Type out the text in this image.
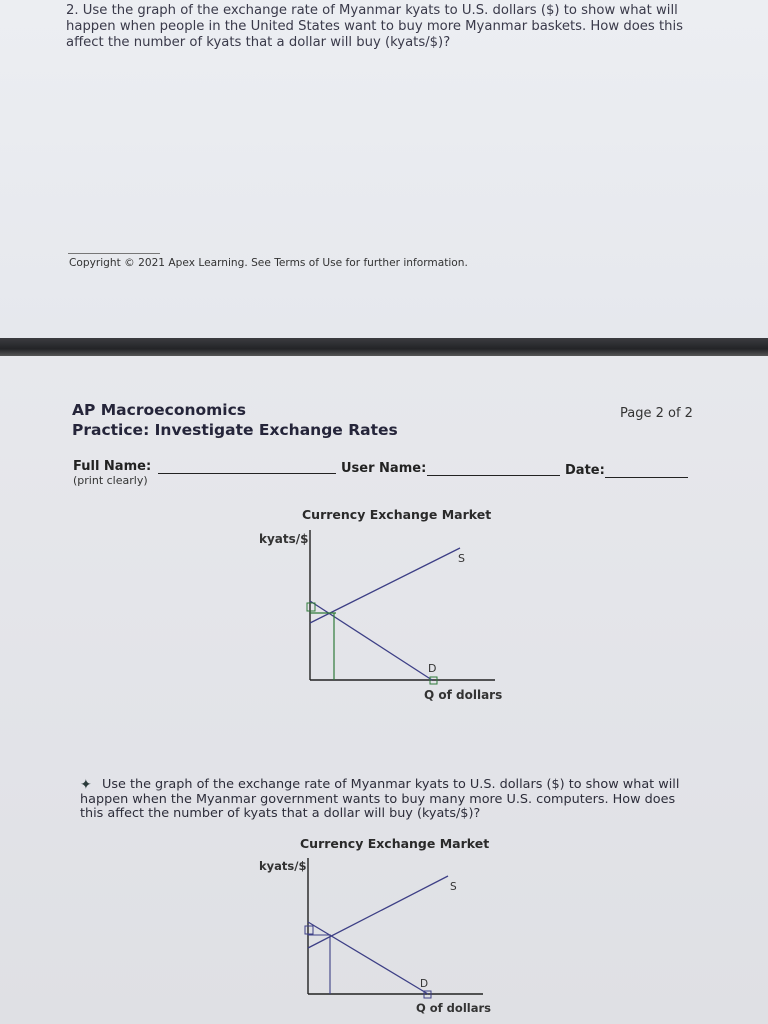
2. Use the graph of the exchange rate of Myanmar kyats to U.S. dollars ($) to show what will happen when people in the United States want to buy more Myanmar baskets. How does this affect the number of kyats that a dollar will buy (kyats/$)?
Copyright © 2021 Apex Learning. See Terms of Use for further information.
AP Macroeconomics
Practice: Investigate Exchange Rates
Page 2 of 2
Full Name:
(print clearly)
User Name:	Date:
Currency Exchange Market
kyats/$
S
D
Q of dollars
✦ Use the graph of the exchange rate of Myanmar kyats to U.S. dollars ($) to show what will happen when the Myanmar government wants to buy many more U.S. computers. How does this affect the number of kyats that a dollar will buy (kyats/$)?
Currency Exchange Market
kyats/$
S
D
Q of dollars
